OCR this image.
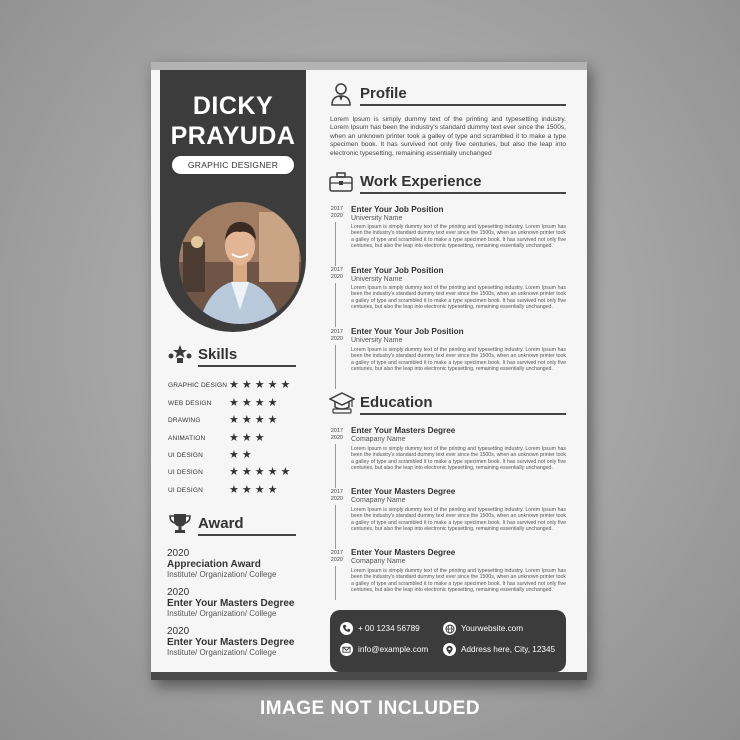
DICKY
PRAYUDA
GRAPHIC DESIGNER
Skills
GRAPHIC DESIGN ★★★★★
WEB DESIGN ★★★★
DRAWING	★★★★
ANIMATION ★★★
UI DESIGN ★★
UI DESIGN ★★★★★
UI DESIGN ★★★★
Award
2020
Appreciation Award
Institute/ Organization/ College
2020
Enter Your Masters Degree
Institute/ Organization/ College
2020
Enter Your Masters Degree
Institute/ Organization/ College
Profile
Lorem Ipsum is simply dummy text of the printing and typesetting industry. Lorem Ipsum has been the industry's standard dummy text ever since the 1500s, when an unknown printer took a galley of type and scrambled it to make a type specimen book. It has survived not only five centuries, but also the leap into electronic typesetting, remaining essentially unchanged
Work Experience
2017
2020
Enter Your Job Position
University Name
Lorem Ipsum is simply dummy text of the printing and typesetting industry. Lorem Ipsum has been the industry's standard dummy text ever since the 1500s, when an unknown printer took a galley of type and scrambled it to make a type specimen book. It has survived not only five centuries, but also the leap into electronic typesetting, remaining essentially unchanged.
2017
2020
Enter Your Job Position
University Name
Lorem Ipsum is simply dummy text of the printing and typesetting industry. Lorem Ipsum has been the industry's standard dummy text ever since the 1500s, when an unknown printer took a galley of type and scrambled it to make a type specimen book. It has survived not only five centuries, but also the leap into electronic typesetting, remaining essentially unchanged.
2017
2020
Enter Your Your Job Position
University Name
Lorem Ipsum is simply dummy text of the printing and typesetting industry. Lorem Ipsum has been the industry's standard dummy text ever since the 1500s, when an unknown printer took a galley of type and scrambled it to make a type specimen book. It has survived not only five centuries, but also the leap into electronic typesetting, remaining essentially unchanged.
Education
2017
2020
Enter Your Masters Degree
Comapany Name
Lorem Ipsum is simply dummy text of the printing and typesetting industry. Lorem Ipsum has been the industry's standard dummy text ever since the 1500s, when an unknown printer took a galley of type and scrambled it to make a type specimen book. It has survived not only five centuries, but also the leap into electronic typesetting, remaining essentially unchanged.
2017
2020
Enter Your Masters Degree
Comapany Name
Lorem Ipsum is simply dummy text of the printing and typesetting industry. Lorem Ipsum has been the industry's standard dummy text ever since the 1500s, when an unknown printer took a galley of type and scrambled it to make a type specimen book. It has survived not only five centuries, but also the leap into electronic typesetting, remaining essentially unchanged.
2017
2020
Enter Your Masters Degree
Comapany Name
Lorem Ipsum is simply dummy text of the printing and typesetting industry. Lorem Ipsum has been the industry's standard dummy text ever since the 1500s, when an unknown printer took a galley of type and scrambled it to make a type specimen book. It has survived not only five centuries, but also the leap into electronic typesetting, remaining essentially unchanged.
+ 00 1234 56789	Yourwebsite.com
info@example.com	Address here, City, 12345
IMAGE NOT INCLUDED
